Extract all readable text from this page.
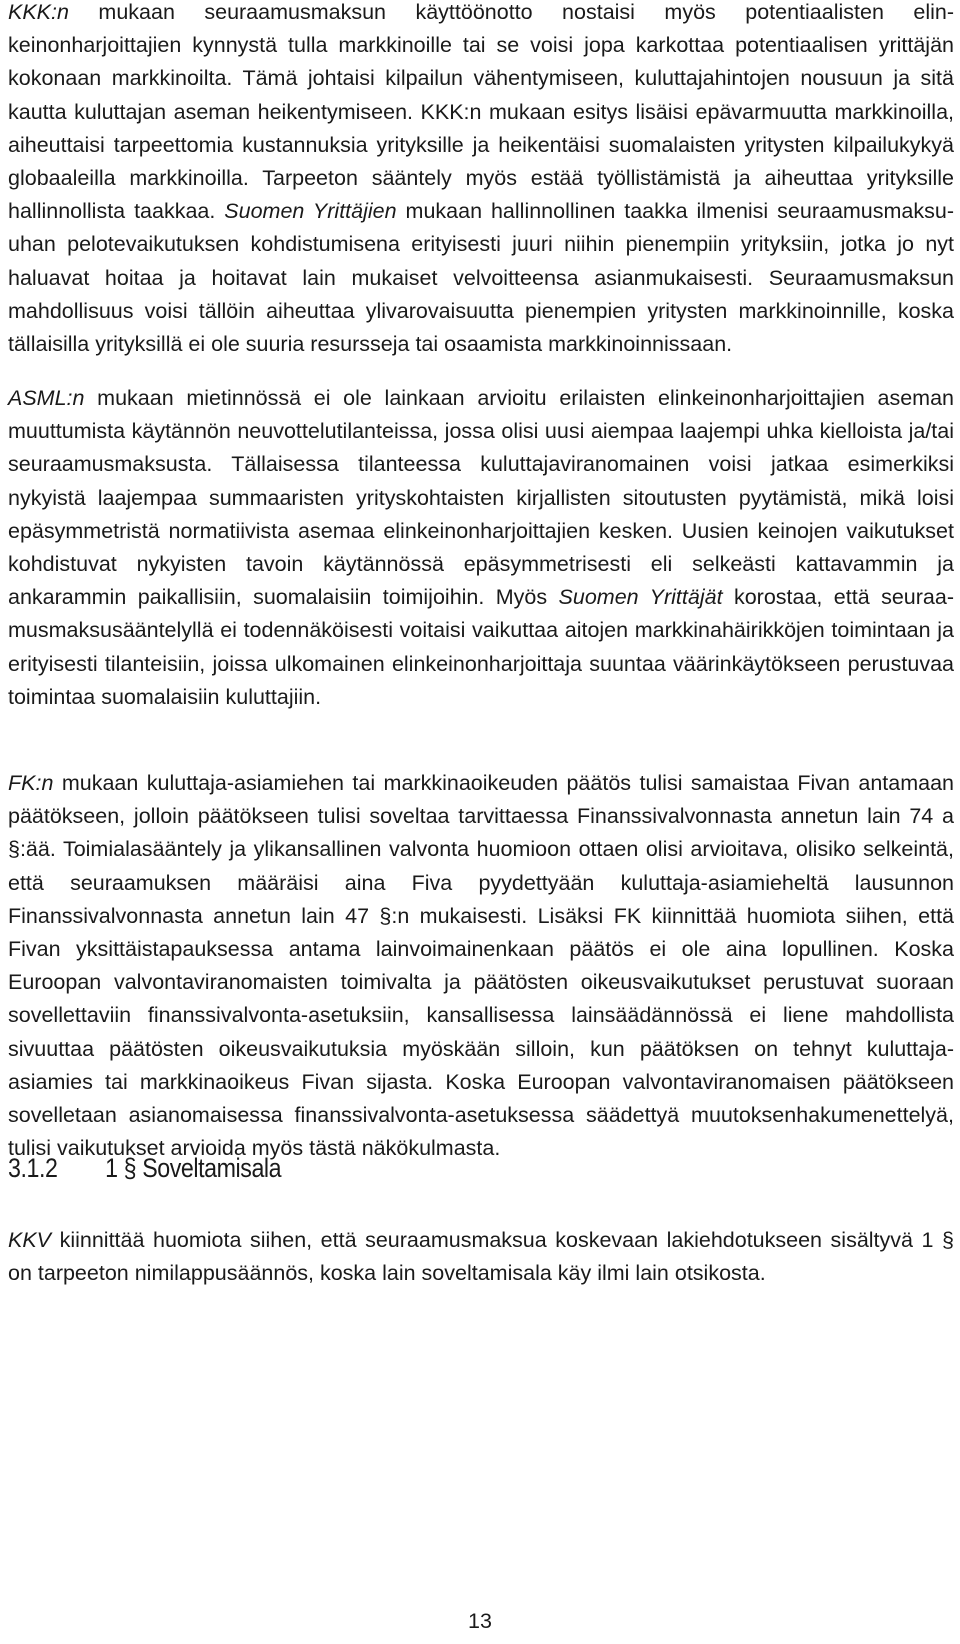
KKK:n mukaan seuraamusmaksun käyttöönotto nostaisi myös potentiaalisten elinkeinonharjoittajien kynnystä tulla markkinoille tai se voisi jopa karkottaa potentiaalisen yrittäjän kokonaan markkinoilta. Tämä johtaisi kilpailun vähentymiseen, kuluttajahintojen nousuun ja sitä kautta kuluttajan aseman heikentymiseen. KKK:n mukaan esitys lisäisi epävarmuutta markkinoilla, aiheuttaisi tarpeettomia kustannuksia yrityksille ja heikentäisi suomalaisten yritysten kilpailukykyä globaaleilla markkinoilla. Tarpeeton sääntely myös estää työllistämistä ja aiheuttaa yrityksille hallinnollista taakkaa. Suomen Yrittäjien mukaan hallinnollinen taakka ilmenisi seuraamusmaksu-uhan pelotevaikutuksen kohdistumisena erityisesti juuri niihin pienempiin yrityksiin, jotka jo nyt haluavat hoitaa ja hoitavat lain mukaiset velvoitteensa asianmukaisesti. Seuraamusmaksun mahdollisuus voisi tällöin aiheuttaa ylivarovaisuutta pienempien yritysten markkinoinnille, koska tällaisilla yrityksillä ei ole suuria resursseja tai osaamista markkinoinnissaan.

ASML:n mukaan mietinnössä ei ole lainkaan arvioitu erilaisten elinkeinonharjoittajien aseman muuttumista käytännön neuvottelutilanteissa, jossa olisi uusi aiempaa laajempi uhka kielloista ja/tai seuraamusmaksusta. Tällaisessa tilanteessa kuluttajaviranomainen voisi jatkaa esimerkiksi nykyistä laajempaa summaaristen yrityskohtaisten kirjallisten sitoutusten pyytämistä, mikä loisi epäsymmetristä normatiivista asemaa elinkeinonharjoittajien kesken. Uusien keinojen vaikutukset kohdistuvat nykyisten tavoin käytännössä epäsymmetrisesti eli selkeästi kattavammin ja ankarammin paikallisiin, suomalaisiin toimijoihin. Myös Suomen Yrittäjät korostaa, että seuraamusmaksusääntelyllä ei todennäköisesti voitaisi vaikuttaa aitojen markkinahäirikköjen toimintaan ja erityisesti tilanteisiin, joissa ulkomainen elinkeinonharjoittaja suuntaa väärinkäytökseen perustuvaa toimintaa suomalaisiin kuluttajiin.

FK:n mukaan kuluttaja-asiamiehen tai markkinaoikeuden päätös tulisi samaistaa Fivan antamaan päätökseen, jolloin päätökseen tulisi soveltaa tarvittaessa Finanssivalvonnasta annetun lain 74 a §:ää. Toimialasääntely ja ylikansallinen valvonta huomioon ottaen olisi arvioitava, olisiko selkeintä, että seuraamuksen määräisi aina Fiva pyydettyään kuluttaja-asiamieheltä lausunnon Finanssivalvonnasta annetun lain 47 §:n mukaisesti. Lisäksi FK kiinnittää huomiota siihen, että Fivan yksittäistapauksessa antama lainvoimainenkaan päätös ei ole aina lopullinen. Koska Euroopan valvontaviranomaisten toimivalta ja päätösten oikeusvaikutukset perustuvat suoraan sovellettaviin finanssivalvonta-asetuksiin, kansallisessa lainsäädännössä ei liene mahdollista sivuuttaa päätösten oikeusvaikutuksia myöskään silloin, kun päätöksen on tehnyt kuluttaja-asiamies tai markkinaoikeus Fivan sijasta. Koska Euroopan valvontaviranomaisen päätökseen sovelletaan asianomaisessa finanssivalvonta-asetuksessa säädettyä muutoksenhakumenettelyä, tulisi vaikutukset arvioida myös tästä näkökulmasta.

3.1.2 1 § Soveltamisala

KKV kiinnittää huomiota siihen, että seuraamusmaksua koskevaan lakiehdotukseen sisältyvä 1 § on tarpeeton nimilappusäännös, koska lain soveltamisala käy ilmi lain otsikosta.

13
